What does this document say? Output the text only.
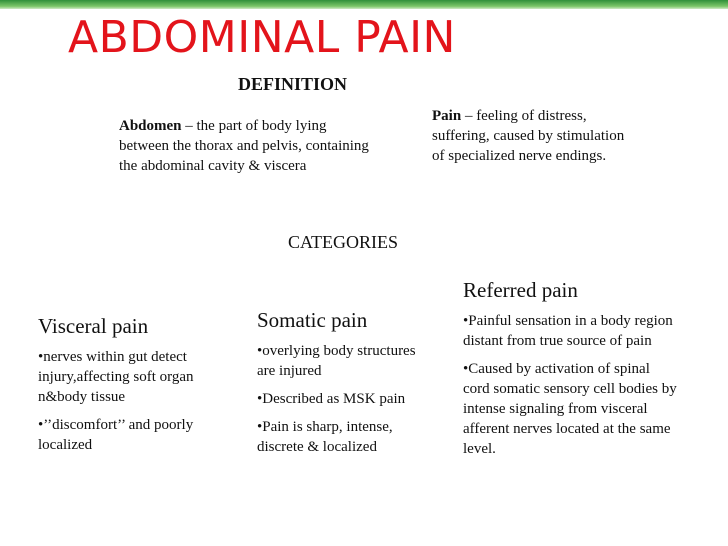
ABDOMINAL PAIN
DEFINITION
Abdomen – the part of body lying between the thorax and pelvis, containing the abdominal cavity & viscera
Pain – feeling of distress, suffering, caused by stimulation of specialized nerve endings.
CATEGORIES
Visceral pain
•nerves within gut detect injury,affecting soft organ n&body tissue
•’’discomfort’’ and poorly localized
Somatic pain
•overlying body structures are injured
•Described as MSK pain
•Pain is sharp, intense, discrete & localized
Referred pain
•Painful sensation in a body region distant from true source of pain
•Caused by activation of spinal cord somatic sensory cell bodies by intense signaling from visceral afferent nerves located at the same level.
